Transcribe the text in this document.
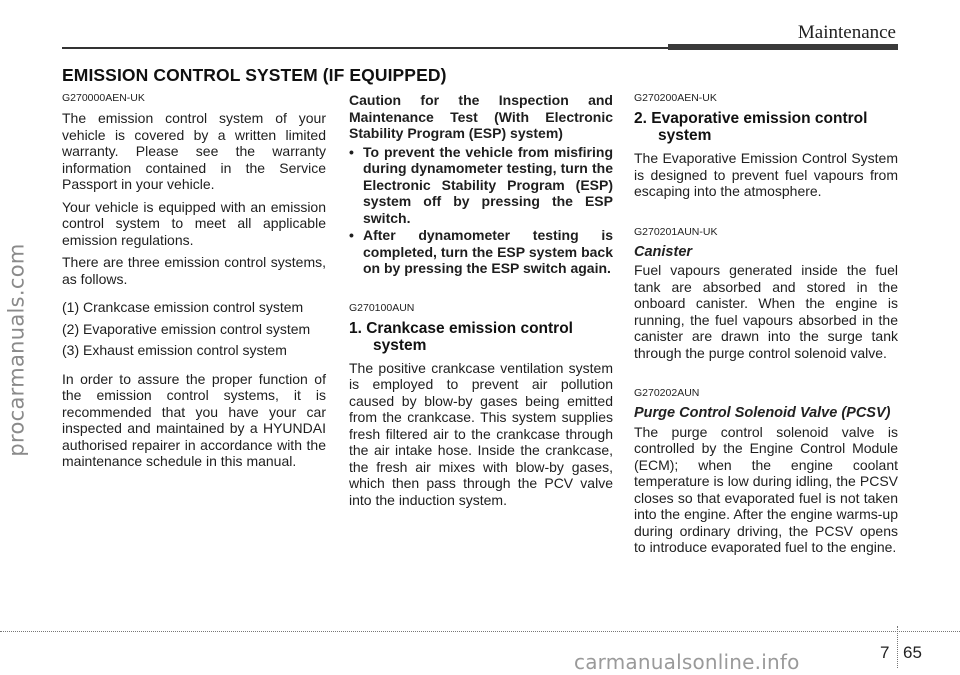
procarmanuals.com
Maintenance
EMISSION CONTROL SYSTEM (IF EQUIPPED)
G270000AEN-UK

The emission control system of your vehicle is covered by a written limited warranty. Please see the warranty information contained in the Service Passport in your vehicle.

Your vehicle is equipped with an emission control system to meet all applicable emission regulations.

There are three emission control systems, as follows.

(1) Crankcase emission control system
(2) Evaporative emission control system
(3) Exhaust emission control system

In order to assure the proper function of the emission control systems, it is recommended that you have your car inspected and maintained by a HYUNDAI authorised repairer in accordance with the maintenance schedule in this manual.

Caution for the Inspection and Maintenance Test (With Electronic Stability Program (ESP) system)
• To prevent the vehicle from misfiring during dynamometer testing, turn the Electronic Stability Program (ESP) system off by pressing the ESP switch.
• After dynamometer testing is completed, turn the ESP system back on by pressing the ESP switch again.
G270100AUN
1. Crankcase emission control system

The positive crankcase ventilation system is employed to prevent air pollution caused by blow-by gases being emitted from the crankcase. This system supplies fresh filtered air to the crankcase through the air intake hose. Inside the crankcase, the fresh air mixes with blow-by gases, which then pass through the PCV valve into the induction system.

G270200AEN-UK
2. Evaporative emission control system

The Evaporative Emission Control System is designed to prevent fuel vapours from escaping into the atmosphere.

G270201AUN-UK
Canister

Fuel vapours generated inside the fuel tank are absorbed and stored in the onboard canister. When the engine is running, the fuel vapours absorbed in the canister are drawn into the surge tank through the purge control solenoid valve.

G270202AUN
Purge Control Solenoid Valve (PCSV)

The purge control solenoid valve is controlled by the Engine Control Module (ECM); when the engine coolant temperature is low during idling, the PCSV closes so that evaporated fuel is not taken into the engine. After the engine warms-up during ordinary driving, the PCSV opens to introduce evaporated fuel to the engine.

7 65
carmanualsonline.info
